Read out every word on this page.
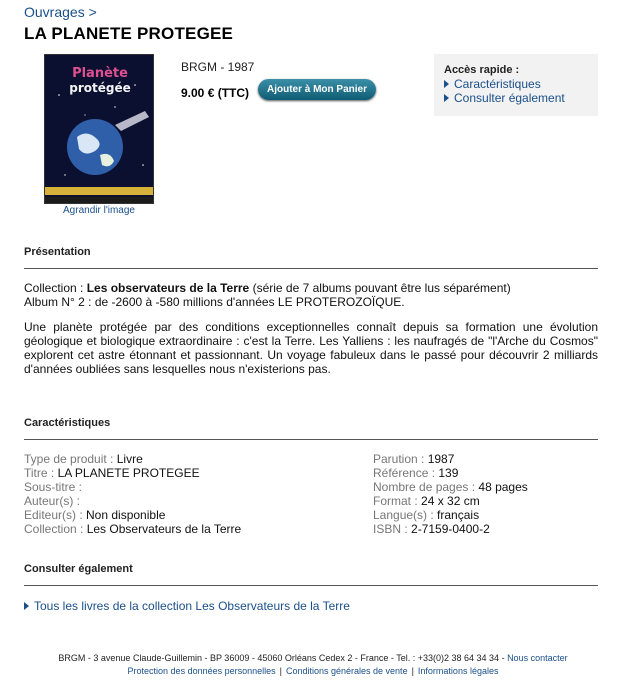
Ouvrages >
LA PLANETE PROTEGEE
Planète
protégée
Agrandir l'image
BRGM - 1987
9.00 € (TTC)	Ajouter à Mon Panier
Accès rapide :
Caractéristiques
Consulter également
Présentation
Collection : Les observateurs de la Terre (série de 7 albums pouvant être lus séparément)
Album N° 2 : de -2600 à -580 millions d'années LE PROTEROZOÏQUE.
Une planète protégée par des conditions exceptionnelles connaît depuis sa formation une évolution géologique et biologique extraordinaire : c'est la Terre. Les Yalliens : les naufragés de "l'Arche du Cosmos" explorent cet astre étonnant et passionnant. Un voyage fabuleux dans le passé pour découvrir 2 milliards d'années oubliées sans lesquelles nous n'existerions pas.
Caractéristiques
Type de produit : Livre
Titre : LA PLANETE PROTEGEE
Sous-titre :
Auteur(s) :
Editeur(s) : Non disponible
Collection : Les Observateurs de la Terre
Parution : 1987
Référence : 139
Nombre de pages : 48 pages
Format : 24 x 32 cm
Langue(s) : français
ISBN : 2-7159-0400-2
Consulter également
Tous les livres de la collection Les Observateurs de la Terre
BRGM - 3 avenue Claude-Guillemin - BP 36009 - 45060 Orléans Cedex 2 - France - Tel. : +33(0)2 38 64 34 34 - Nous contacter
Protection des données personnelles | Conditions générales de vente | Informations légales
